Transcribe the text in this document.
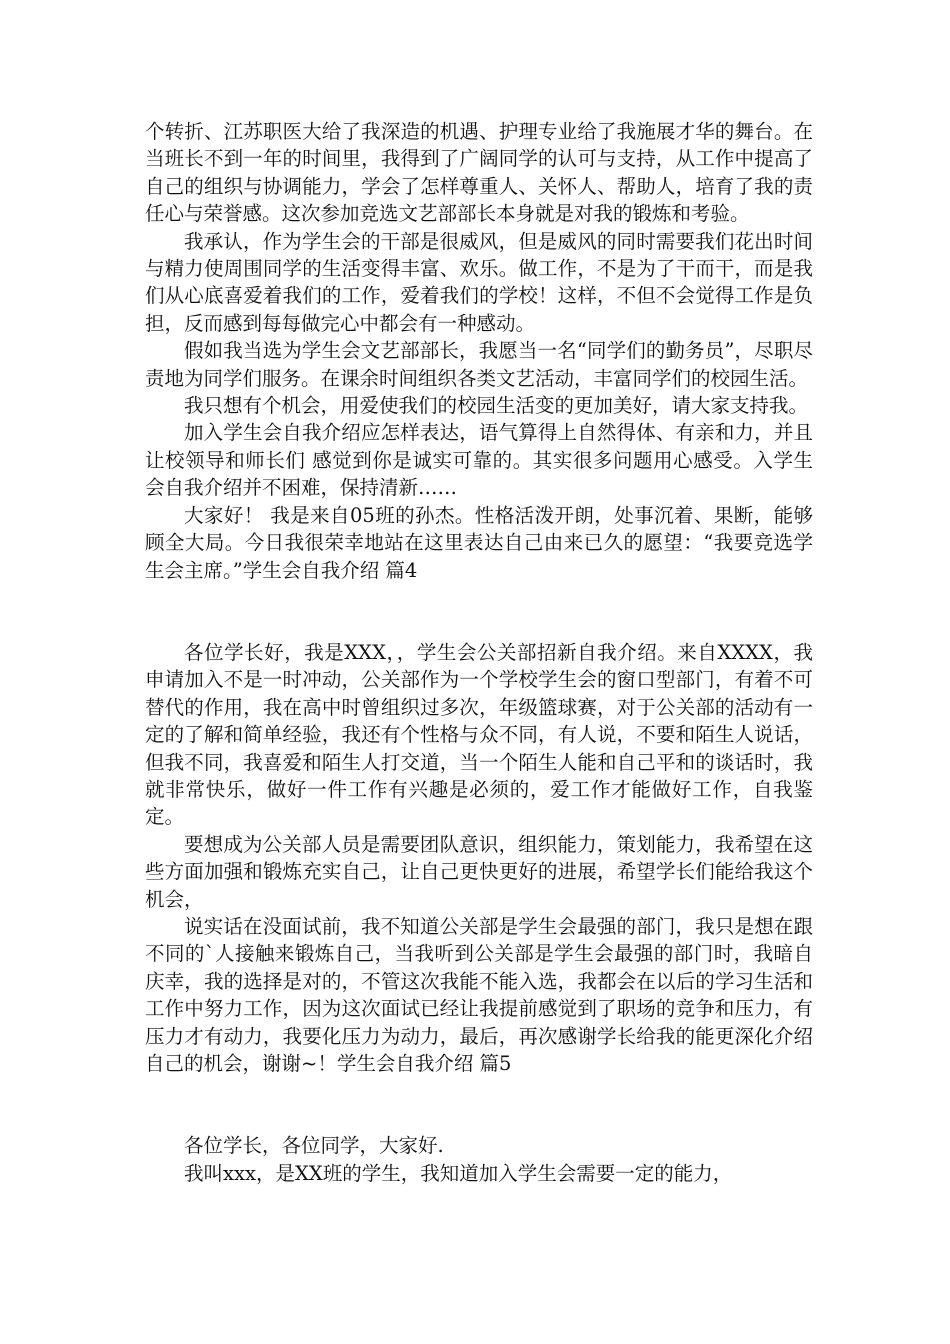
个转折、江苏职医大给了我深造的机遇、护理专业给了我施展才华的舞台。在当班长不到一年的时间里，我得到了广阔同学的认可与支持，从工作中提高了自己的组织与协调能力，学会了怎样尊重人、关怀人、帮助人，培育了我的责任心与荣誉感。这次参加竞选文艺部部长本身就是对我的锻炼和考验。

我承认，作为学生会的干部是很威风，但是威风的同时需要我们花出时间与精力使周围同学的生活变得丰富、欢乐。做工作，不是为了干而干，而是我们从心底喜爱着我们的工作，爱着我们的学校！这样，不但不会觉得工作是负担，反而感到每每做完心中都会有一种感动。

假如我当选为学生会文艺部部长，我愿当一名“同学们的勤务员”，尽职尽责地为同学们服务。在课余时间组织各类文艺活动，丰富同学们的校园生活。

我只想有个机会，用爱使我们的校园生活变的更加美好，请大家支持我。

加入学生会自我介绍应怎样表达，语气算得上自然得体、有亲和力，并且让校领导和师长们 感觉到你是诚实可靠的。其实很多问题用心感受。入学生会自我介绍并不困难，保持清新……

大家好！ 我是来自05班的孙杰。性格活泼开朗，处事沉着、果断，能够顾全大局。今日我很荣幸地站在这里表达自己由来已久的愿望：“我要竞选学生会主席。”学生会自我介绍 篇4

各位学长好，我是XXX，，学生会公关部招新自我介绍。来自XXXX，我申请加入不是一时冲动，公关部作为一个学校学生会的窗口型部门，有着不可替代的作用，我在高中时曾组织过多次，年级篮球赛，对于公关部的活动有一定的了解和简单经验，我还有个性格与众不同，有人说，不要和陌生人说话，但我不同，我喜爱和陌生人打交道，当一个陌生人能和自己平和的谈话时，我就非常快乐，做好一件工作有兴趣是必须的，爱工作才能做好工作，自我鉴定。

要想成为公关部人员是需要团队意识，组织能力，策划能力，我希望在这些方面加强和锻炼充实自己，让自己更快更好的进展，希望学长们能给我这个机会，

说实话在没面试前，我不知道公关部是学生会最强的部门，我只是想在跟不同的`人接触来锻炼自己，当我听到公关部是学生会最强的部门时，我暗自庆幸，我的选择是对的，不管这次我能不能入选，我都会在以后的学习生活和工作中努力工作，因为这次面试已经让我提前感觉到了职场的竞争和压力，有压力才有动力，我要化压力为动力，最后，再次感谢学长给我的能更深化介绍自己的机会，谢谢~！学生会自我介绍 篇5

各位学长，各位同学，大家好.

我叫xxx，是XX班的学生，我知道加入学生会需要一定的能力，
